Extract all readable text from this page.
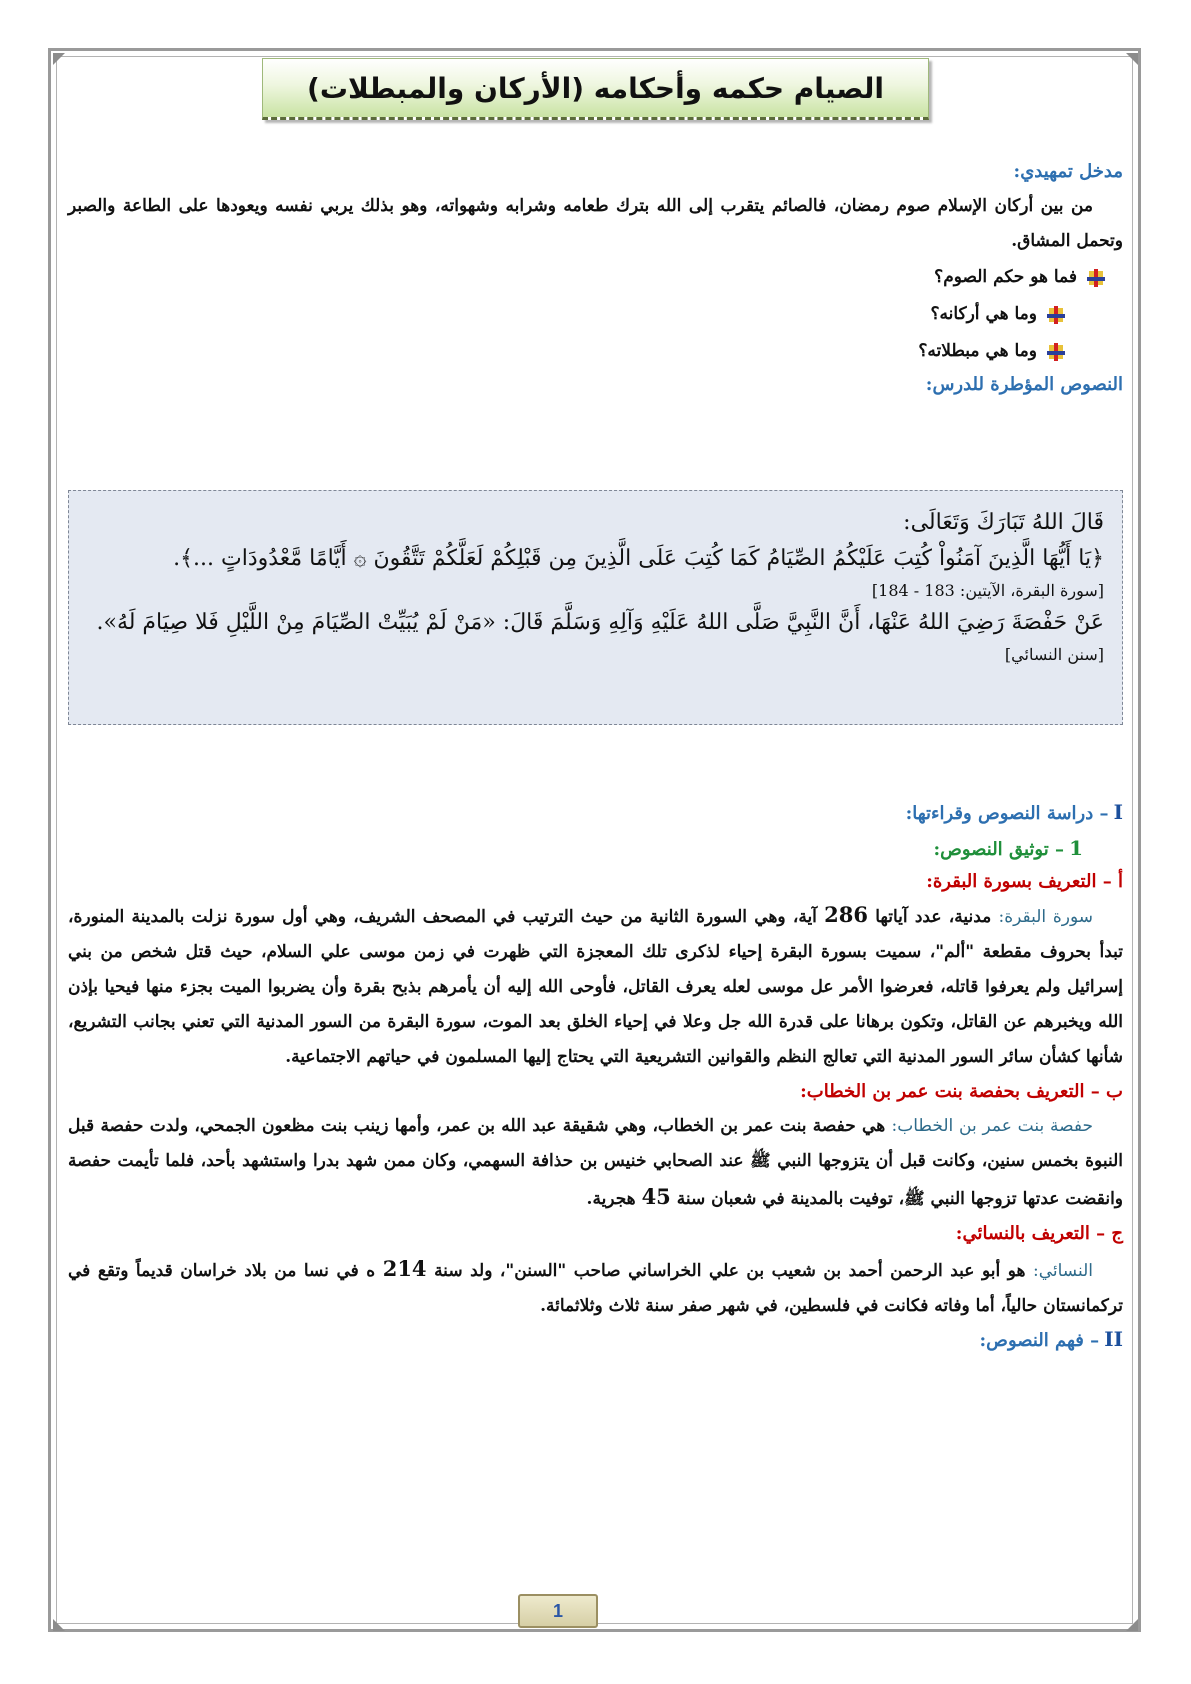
الصيام حكمه وأحكامه (الأركان والمبطلات)
مدخل تمهيدي:
من بين أركان الإسلام صوم رمضان، فالصائم يتقرب إلى الله بترك طعامه وشرابه وشهواته، وهو بذلك يربي نفسه ويعودها على الطاعة والصبر وتحمل المشاق.
فما هو حكم الصوم؟
وما هي أركانه؟
وما هي مبطلاته؟
النصوص المؤطرة للدرس:
قَالَ اللهُ تَبَارَكَ وَتَعَالَى:
﴿يَا أَيُّهَا الَّذِينَ آمَنُواْ كُتِبَ عَلَيْكُمُ الصِّيَامُ كَمَا كُتِبَ عَلَى الَّذِينَ مِن قَبْلِكُمْ لَعَلَّكُمْ تَتَّقُونَ ۞ أَيَّامًا مَّعْدُودَاتٍ ...﴾.
[سورة البقرة، الآيتين: 183 - 184]
عَنْ حَفْصَةَ رَضِيَ اللهُ عَنْهَا، أَنَّ النَّبِيَّ صَلَّى اللهُ عَلَيْهِ وَآلِهِ وَسَلَّمَ قَالَ: «مَنْ لَمْ يُبَيِّتْ الصِّيَامَ مِنْ اللَّيْلِ فَلا صِيَامَ لَهُ».
[سنن النسائي]
I – دراسة النصوص وقراءتها:
1 – توثيق النصوص:
أ – التعريف بسورة البقرة:
سورة البقرة: مدنية، عدد آياتها 286 آية، وهي السورة الثانية من حيث الترتيب في المصحف الشريف، وهي أول سورة نزلت بالمدينة المنورة، تبدأ بحروف مقطعة "ألم"، سميت بسورة البقرة إحياء لذكرى تلك المعجزة التي ظهرت في زمن موسى علي السلام، حيث قتل شخص من بني إسرائيل ولم يعرفوا قاتله، فعرضوا الأمر عل موسى لعله يعرف القاتل، فأوحى الله إليه أن يأمرهم بذبح بقرة وأن يضربوا الميت بجزء منها فيحيا بإذن الله ويخبرهم عن القاتل، وتكون برهانا على قدرة الله جل وعلا في إحياء الخلق بعد الموت، سورة البقرة من السور المدنية التي تعني بجانب التشريع، شأنها كشأن سائر السور المدنية التي تعالج النظم والقوانين التشريعية التي يحتاج إليها المسلمون في حياتهم الاجتماعية.
ب – التعريف بحفصة بنت عمر بن الخطاب:
حفصة بنت عمر بن الخطاب: هي حفصة بنت عمر بن الخطاب، وهي شقيقة عبد الله بن عمر، وأمها زينب بنت مظعون الجمحي، ولدت حفصة قبل النبوة بخمس سنين، وكانت قبل أن يتزوجها النبي ﷺ عند الصحابي خنيس بن حذافة السهمي، وكان ممن شهد بدرا واستشهد بأحد، فلما تأيمت حفصة وانقضت عدتها تزوجها النبي ﷺ، توفيت بالمدينة في شعبان سنة 45 هجرية.
ج – التعريف بالنسائي:
النسائي: هو أبو عبد الرحمن أحمد بن شعيب بن علي الخراساني صاحب "السنن"، ولد سنة 214 ه في نسا من بلاد خراسان قديماً وتقع في تركمانستان حالياً، أما وفاته فكانت في فلسطين، في شهر صفر سنة ثلاث وثلاثمائة.
II – فهم النصوص:
1
